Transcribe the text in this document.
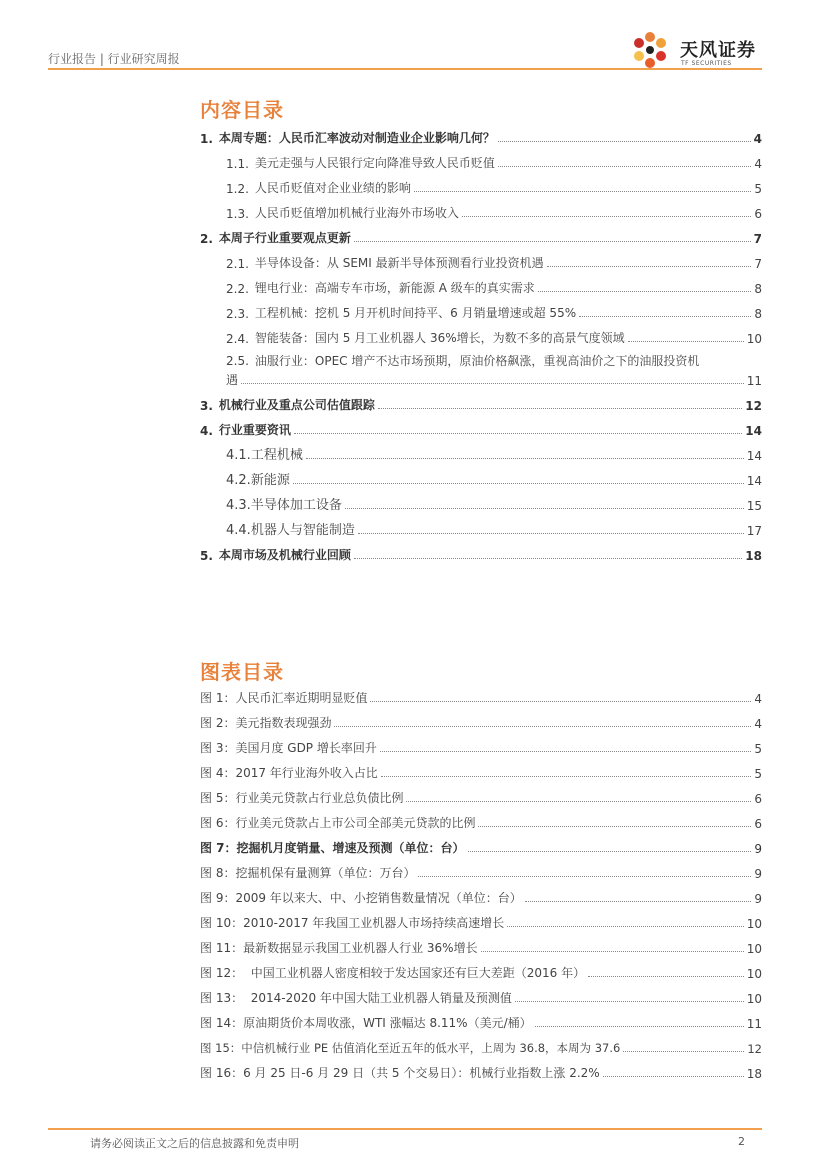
行业报告 | 行业研究周报	天风证券
TF SECURITIES
内容目录
1. 本周专题：人民币汇率波动对制造业企业影响几何？	4
1.1. 美元走强与人民银行定向降准导致人民币贬值	4
1.2. 人民币贬值对企业业绩的影响	5
1.3. 人民币贬值增加机械行业海外市场收入	6
2. 本周子行业重要观点更新	7
2.1. 半导体设备：从 SEMI 最新半导体预测看行业投资机遇	7
2.2. 锂电行业：高端专车市场，新能源 A 级车的真实需求	8
2.3. 工程机械：挖机 5 月开机时间持平、6 月销量增速或超 55%	8
2.4. 智能装备：国内 5 月工业机器人 36%增长，为数不多的高景气度领域	10
2.5. 油服行业：OPEC 增产不达市场预期，原油价格飙涨，重视高油价之下的油服投资机
遇	11
3. 机械行业及重点公司估值跟踪	12
4. 行业重要资讯	14
4.1. 工程机械	14
4.2. 新能源	14
4.3. 半导体加工设备	15
4.4. 机器人与智能制造	17
5. 本周市场及机械行业回顾	18
图表目录
图 1：人民币汇率近期明显贬值	4
图 2：美元指数表现强劲	4
图 3：美国月度 GDP 增长率回升	5
图 4：2017 年行业海外收入占比	5
图 5：行业美元贷款占行业总负债比例	6
图 6：行业美元贷款占上市公司全部美元贷款的比例	6
图 7：挖掘机月度销量、增速及预测（单位：台）	9
图 8：挖掘机保有量测算（单位：万台）	9
图 9：2009 年以来大、中、小挖销售数量情况（单位：台）	9
图 10：2010-2017 年我国工业机器人市场持续高速增长	10
图 11：最新数据显示我国工业机器人行业 36%增长	10
图 12：  中国工业机器人密度相较于发达国家还有巨大差距（2016 年）	10
图 13：  2014-2020 年中国大陆工业机器人销量及预测值	10
图 14：原油期货价本周收涨，WTI 涨幅达 8.11%（美元/桶）	11
图 15：中信机械行业 PE 估值消化至近五年的低水平，上周为 36.8，本周为 37.6	12
图 16：6 月 25 日-6 月 29 日（共 5 个交易日）：机械行业指数上涨 2.2%	18
请务必阅读正文之后的信息披露和免责申明	2
